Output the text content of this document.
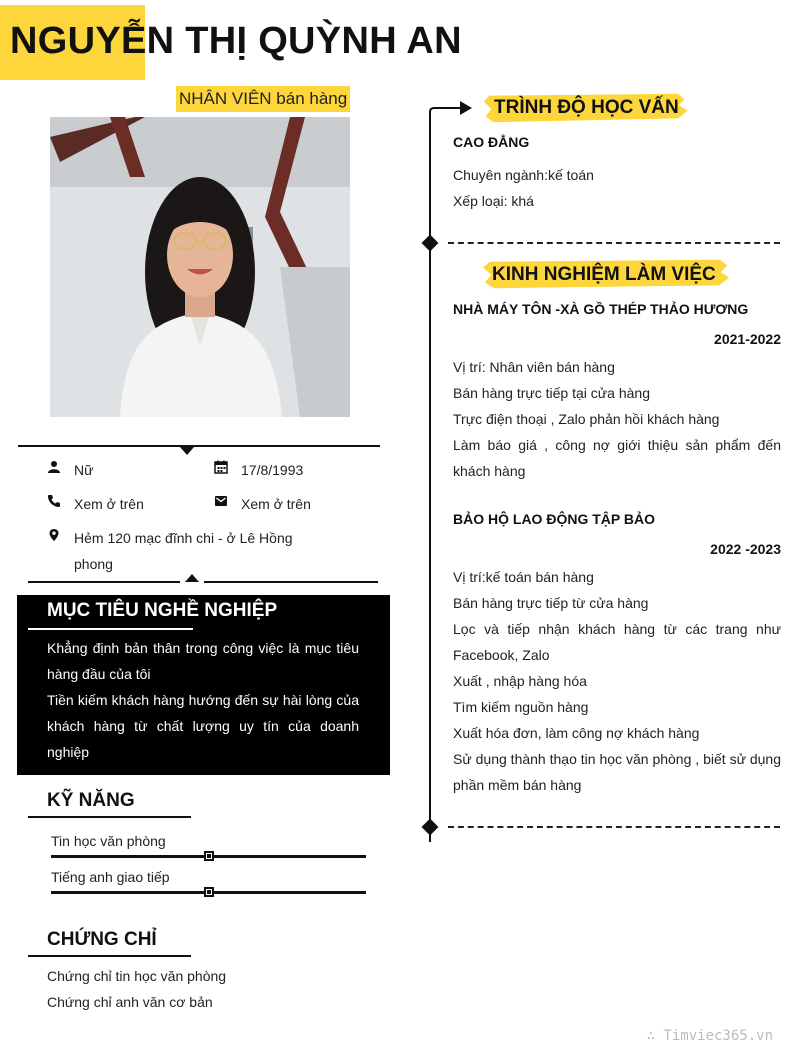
NGUYỄN THỊ QUỲNH AN
NHÂN VIÊN bán hàng
Nữ	17/8/1993
Xem ở trên	Xem ở trên
Hẻm 120 mạc đĩnh chi - ở Lê Hồng phong
MỤC TIÊU NGHỀ NGHIỆP
Khẳng định bản thân trong công việc là mục tiêu hàng đầu của tôi
Tiền kiếm khách hàng hướng đến sự hài lòng của khách hàng từ chất lượng uy tín của doanh nghiệp
KỸ NĂNG
Tin học văn phòng
Tiếng anh giao tiếp
CHỨNG CHỈ
Chứng chỉ tin học văn phòng
Chứng chỉ anh văn cơ bản
TRÌNH ĐỘ HỌC VẤN
CAO ĐẲNG
Chuyên ngành:kế toán
Xếp loại: khá
KINH NGHIỆM LÀM VIỆC
NHÀ MÁY TÔN -XÀ GỒ THÉP THẢO HƯƠNG
2021-2022
Vị trí: Nhân viên bán hàng
Bán hàng trực tiếp tại cửa hàng
Trực điện thoại , Zalo phản hồi khách hàng
Làm báo giá , công nợ giới thiệu sản phẩm đến khách hàng
BẢO HỘ LAO ĐỘNG TẬP BẢO
2022 -2023
Vị trí:kế toán bán hàng
Bán hàng trực tiếp từ cửa hàng
Lọc và tiếp nhận khách hàng từ các trang như Facebook, Zalo
Xuất , nhập hàng hóa
Tìm kiếm nguồn hàng
Xuất hóa đơn, làm công nợ khách hàng
Sử dụng thành thạo tin học văn phòng , biết sử dụng phần mềm bán hàng
∴ Timviec365.vn
